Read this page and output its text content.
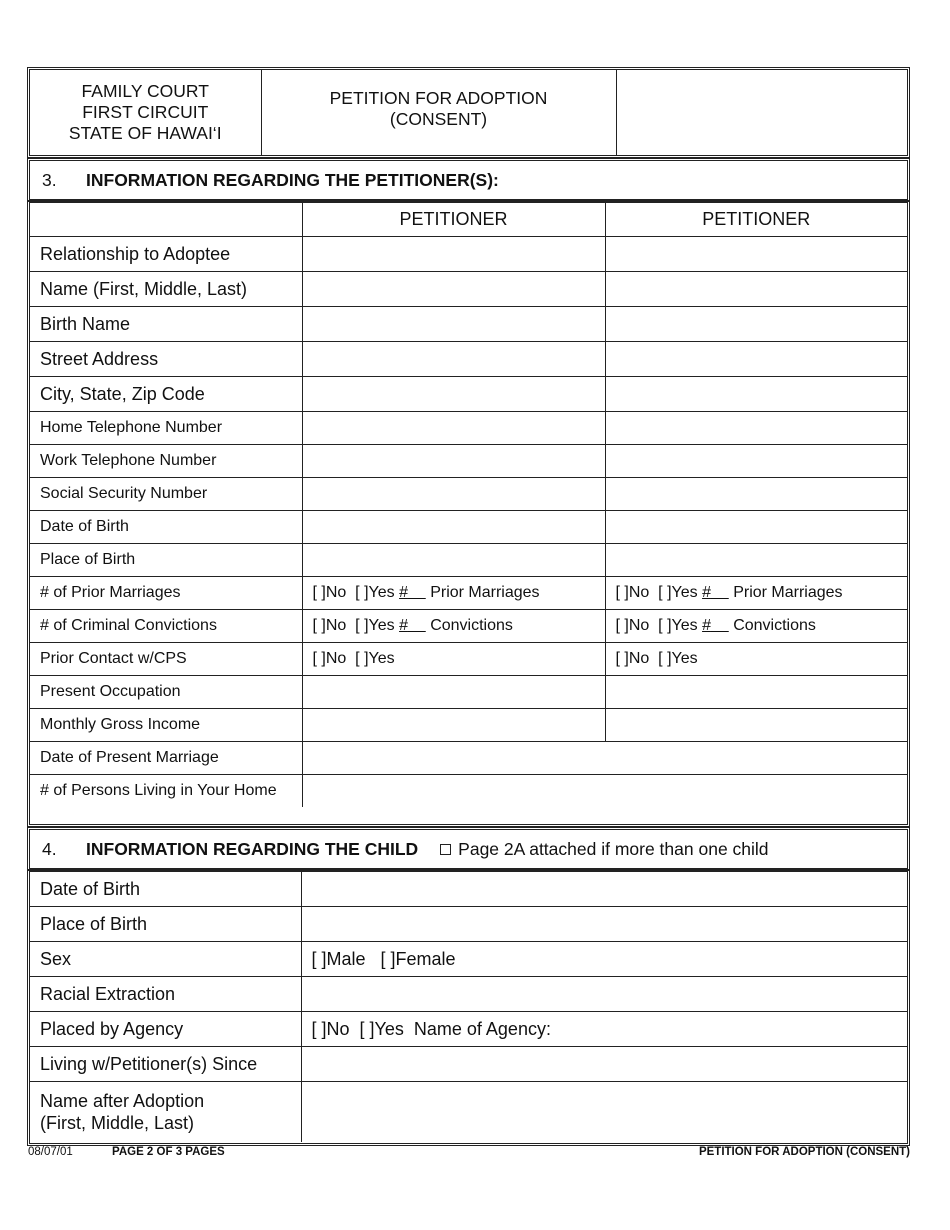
FAMILY COURT
FIRST CIRCUIT
STATE OF HAWAI‘I

PETITION FOR ADOPTION
(CONSENT)

3.	INFORMATION REGARDING THE PETITIONER(S):
	PETITIONER	PETITIONER
Relationship to Adoptee		
Name (First, Middle, Last)		
Birth Name		
Street Address		
City, State, Zip Code		
Home Telephone Number		
Work Telephone Number		
Social Security Number		
Date of Birth		
Place of Birth		
# of Prior Marriages	[ ]No  [ ]Yes #     Prior Marriages	[ ]No  [ ]Yes #     Prior Marriages
# of Criminal Convictions	[ ]No  [ ]Yes #     Convictions	[ ]No  [ ]Yes #     Convictions
Prior Contact w/CPS	[ ]No  [ ]Yes	[ ]No  [ ]Yes
Present Occupation		
Monthly Gross Income		
Date of Present Marriage		
# of Persons Living in Your Home		
4.	INFORMATION REGARDING THE CHILD Page 2A attached if more than one child
Date of Birth	
Place of Birth	
Sex	[ ]Male   [ ]Female
Racial Extraction	
Placed by Agency	[ ]No  [ ]Yes  Name of Agency:
Living w/Petitioner(s) Since	

Name after Adoption
(First, Middle, Last)	

08/07/01	PAGE 2 OF 3 PAGES	PETITION FOR ADOPTION (CONSENT)
